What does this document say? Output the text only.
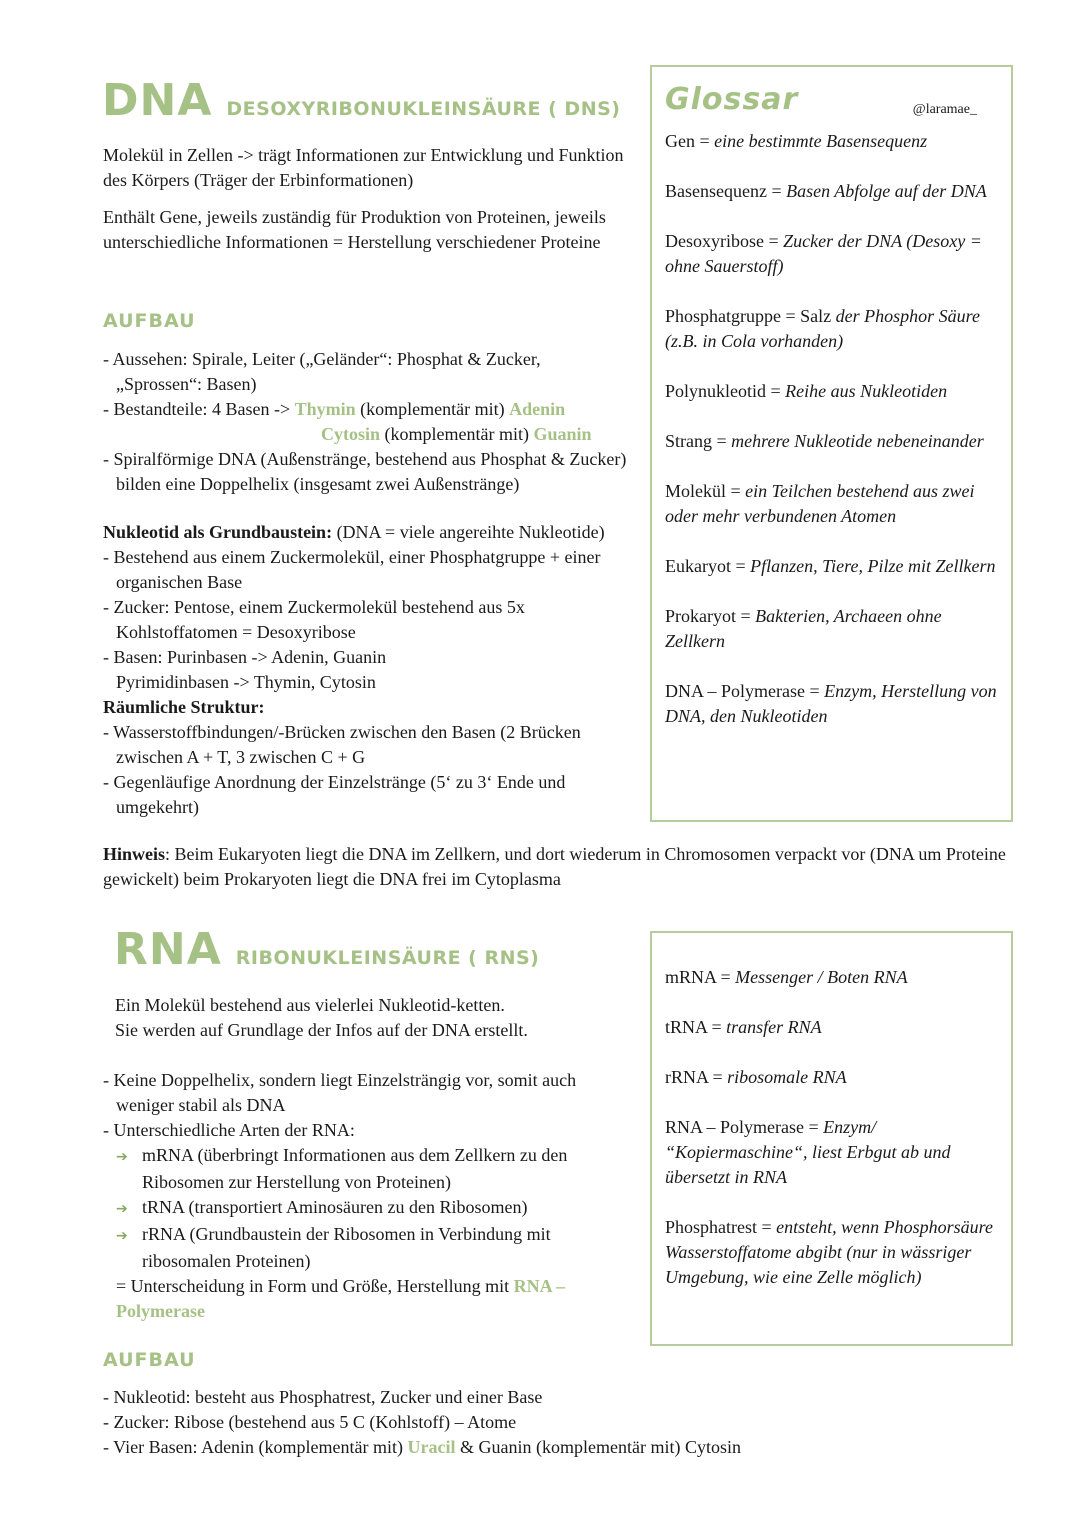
DNA DESOXYRIBONUKLEINSÄURE ( DNS)

Molekül in Zellen -> trägt Informationen zur Entwicklung und Funktion des Körpers (Träger der Erbinformationen)

Enthält Gene, jeweils zuständig für Produktion von Proteinen, jeweils unterschiedliche Informationen = Herstellung verschiedener Proteine

AUFBAU
- Aussehen: Spirale, Leiter („Geländer“: Phosphat & Zucker, „Sprossen“: Basen)
- Bestandteile: 4 Basen -> Thymin (komplementär mit) Adenin
Cytosin (komplementär mit) Guanin
- Spiralförmige DNA (Außenstränge, bestehend aus Phosphat & Zucker) bilden eine Doppelhelix (insgesamt zwei Außenstränge)

Nukleotid als Grundbaustein: (DNA = viele angereihte Nukleotide)

- Bestehend aus einem Zuckermolekül, einer Phosphatgruppe + einer organischen Base
- Zucker: Pentose, einem Zuckermolekül bestehend aus 5x Kohlstoffatomen = Desoxyribose
- Basen: Purinbasen -> Adenin, Guanin
Pyrimidinbasen -> Thymin, Cytosin

Räumliche Struktur:

- Wasserstoffbindungen/-Brücken zwischen den Basen (2 Brücken zwischen A + T, 3 zwischen C + G
- Gegenläufige Anordnung der Einzelstränge (5‘ zu 3‘ Ende und umgekehrt)

Hinweis: Beim Eukaryoten liegt die DNA im Zellkern, und dort wiederum in Chromosomen verpackt vor (DNA um Proteine gewickelt) beim Prokaryoten liegt die DNA frei im Cytoplasma

Glossar	@laramae_
Gen = eine bestimmte Basensequenz
Basensequenz = Basen Abfolge auf der DNA
Desoxyribose = Zucker der DNA (Desoxy = ohne Sauerstoff)
Phosphatgruppe = Salz der Phosphor Säure (z.B. in Cola vorhanden)
Polynukleotid = Reihe aus Nukleotiden
Strang = mehrere Nukleotide nebeneinander
Molekül = ein Teilchen bestehend aus zwei oder mehr verbundenen Atomen
Eukaryot = Pflanzen, Tiere, Pilze mit Zellkern
Prokaryot = Bakterien, Archaeen ohne Zellkern
DNA – Polymerase = Enzym, Herstellung von DNA, den Nukleotiden
RNA RIBONUKLEINSÄURE ( RNS)

Ein Molekül bestehend aus vielerlei Nukleotid-ketten.

Sie werden auf Grundlage der Infos auf der DNA erstellt.

- Keine Doppelhelix, sondern liegt Einzelsträngig vor, somit auch weniger stabil als DNA
- Unterschiedliche Arten der RNA:
➔ mRNA (überbringt Informationen aus dem Zellkern zu den Ribosomen zur Herstellung von Proteinen)
➔ tRNA (transportiert Aminosäuren zu den Ribosomen)
➔ rRNA (Grundbaustein der Ribosomen in Verbindung mit ribosomalen Proteinen)

= Unterscheidung in Form und Größe, Herstellung mit RNA – Polymerase

AUFBAU
- Nukleotid: besteht aus Phosphatrest, Zucker und einer Base
- Zucker: Ribose (bestehend aus 5 C (Kohlstoff) – Atome
- Vier Basen: Adenin (komplementär mit) Uracil & Guanin (komplementär mit) Cytosin
mRNA = Messenger / Boten RNA
tRNA = transfer RNA
rRNA = ribosomale RNA
RNA – Polymerase = Enzym/ “Kopiermaschine“, liest Erbgut ab und übersetzt in RNA
Phosphatrest = entsteht, wenn Phosphorsäure Wasserstoffatome abgibt (nur in wässriger Umgebung, wie eine Zelle möglich)
